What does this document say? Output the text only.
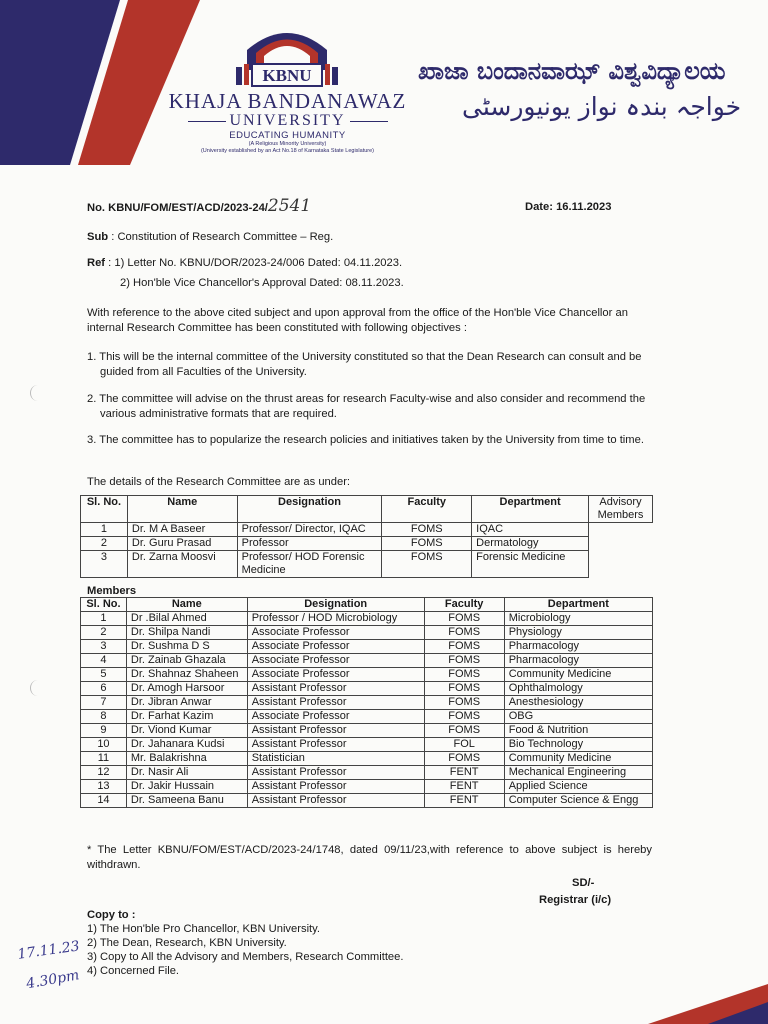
KBNU
KHAJA BANDANAWAZ
UNIVERSITY
EDUCATING HUMANITY
(A Religious Minority University)
(University established by an Act No.18 of Karnataka State Legislature)
ಖಾಜಾ ಬಂದಾನವಾಝ್ ವಿಶ್ವವಿದ್ಯಾಲಯ
خواجہ بندہ نواز یونیورسٹی
No. KBNU/FOM/EST/ACD/2023-24/2541	Date: 16.11.2023
Sub : Constitution of Research Committee – Reg.
Ref : 1) Letter No. KBNU/DOR/2023-24/006 Dated: 04.11.2023.
2) Hon'ble Vice Chancellor's Approval Dated: 08.11.2023.
With reference to the above cited subject and upon approval from the office of the Hon'ble Vice Chancellor an internal Research Committee has been constituted with following objectives :
1. This will be the internal committee of the University constituted so that the Dean Research can consult and be guided from all Faculties of the University.
2. The committee will advise on the thrust areas for research Faculty-wise and also consider and recommend the various administrative formats that are required.
3. The committee has to popularize the research policies and initiatives taken by the University from time to time.
The details of the Research Committee are as under:
Sl. No.	Name	Designation	Faculty	Department	Advisory Members
1	Dr. M A Baseer	Professor/ Director, IQAC	FOMS	IQAC	
2	Dr. Guru Prasad	Professor	FOMS	Dermatology	
3	Dr. Zarna Moosvi	Professor/ HOD Forensic Medicine	FOMS	Forensic Medicine	
Members
Sl. No.	Name	Designation	Faculty	Department
1	Dr .Bilal Ahmed	Professor / HOD Microbiology	FOMS	Microbiology
2	Dr. Shilpa Nandi	Associate Professor	FOMS	Physiology
3	Dr. Sushma D S	Associate Professor	FOMS	Pharmacology
4	Dr. Zainab Ghazala	Associate Professor	FOMS	Pharmacology
5	Dr. Shahnaz Shaheen	Associate Professor	FOMS	Community Medicine
6	Dr. Amogh Harsoor	Assistant Professor	FOMS	Ophthalmology
7	Dr. Jibran Anwar	Assistant Professor	FOMS	Anesthesiology
8	Dr. Farhat Kazim	Associate Professor	FOMS	OBG
9	Dr. Viond Kumar	Assistant Professor	FOMS	Food & Nutrition
10	Dr. Jahanara Kudsi	Assistant Professor	FOL	Bio Technology
11	Mr. Balakrishna	Statistician	FOMS	Community Medicine
12	Dr. Nasir Ali	Assistant Professor	FENT	Mechanical Engineering
13	Dr. Jakir Hussain	Assistant Professor	FENT	Applied Science
14	Dr. Sameena Banu	Assistant Professor	FENT	Computer Science & Engg
* The Letter KBNU/FOM/EST/ACD/2023-24/1748, dated 09/11/23,with reference to above subject is hereby withdrawn.
SD/-
Registrar (i/c)
Copy to :
1) The Hon'ble Pro Chancellor, KBN University.
2) The Dean, Research, KBN University.
3) Copy to All the Advisory and Members, Research Committee.
4) Concerned File.
17.11.23
4.30pm
